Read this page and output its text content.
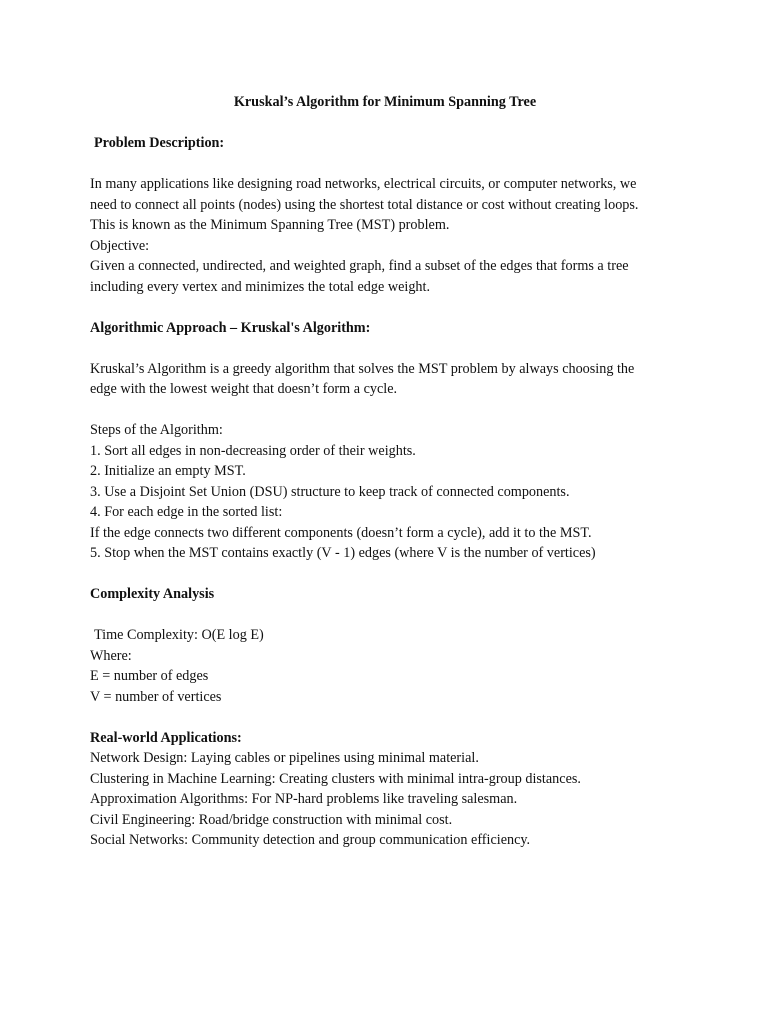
Kruskal’s Algorithm for Minimum Spanning Tree
Problem Description:
In many applications like designing road networks, electrical circuits, or computer networks, we
need to connect all points (nodes) using the shortest total distance or cost without creating loops.
This is known as the Minimum Spanning Tree (MST) problem.
Objective:
Given a connected, undirected, and weighted graph, find a subset of the edges that forms a tree
including every vertex and minimizes the total edge weight.
Algorithmic Approach – Kruskal's Algorithm:
Kruskal’s Algorithm is a greedy algorithm that solves the MST problem by always choosing the
edge with the lowest weight that doesn’t form a cycle.
Steps of the Algorithm:
1. Sort all edges in non-decreasing order of their weights.
2. Initialize an empty MST.
3. Use a Disjoint Set Union (DSU) structure to keep track of connected components.
4. For each edge in the sorted list:
If the edge connects two different components (doesn’t form a cycle), add it to the MST.
5. Stop when the MST contains exactly (V - 1) edges (where V is the number of vertices)
Complexity Analysis
Time Complexity: O(E log E)
Where:
E = number of edges
V = number of vertices
Real-world Applications:
Network Design: Laying cables or pipelines using minimal material.
Clustering in Machine Learning: Creating clusters with minimal intra-group distances.
Approximation Algorithms: For NP-hard problems like traveling salesman.
Civil Engineering: Road/bridge construction with minimal cost.
Social Networks: Community detection and group communication efficiency.
